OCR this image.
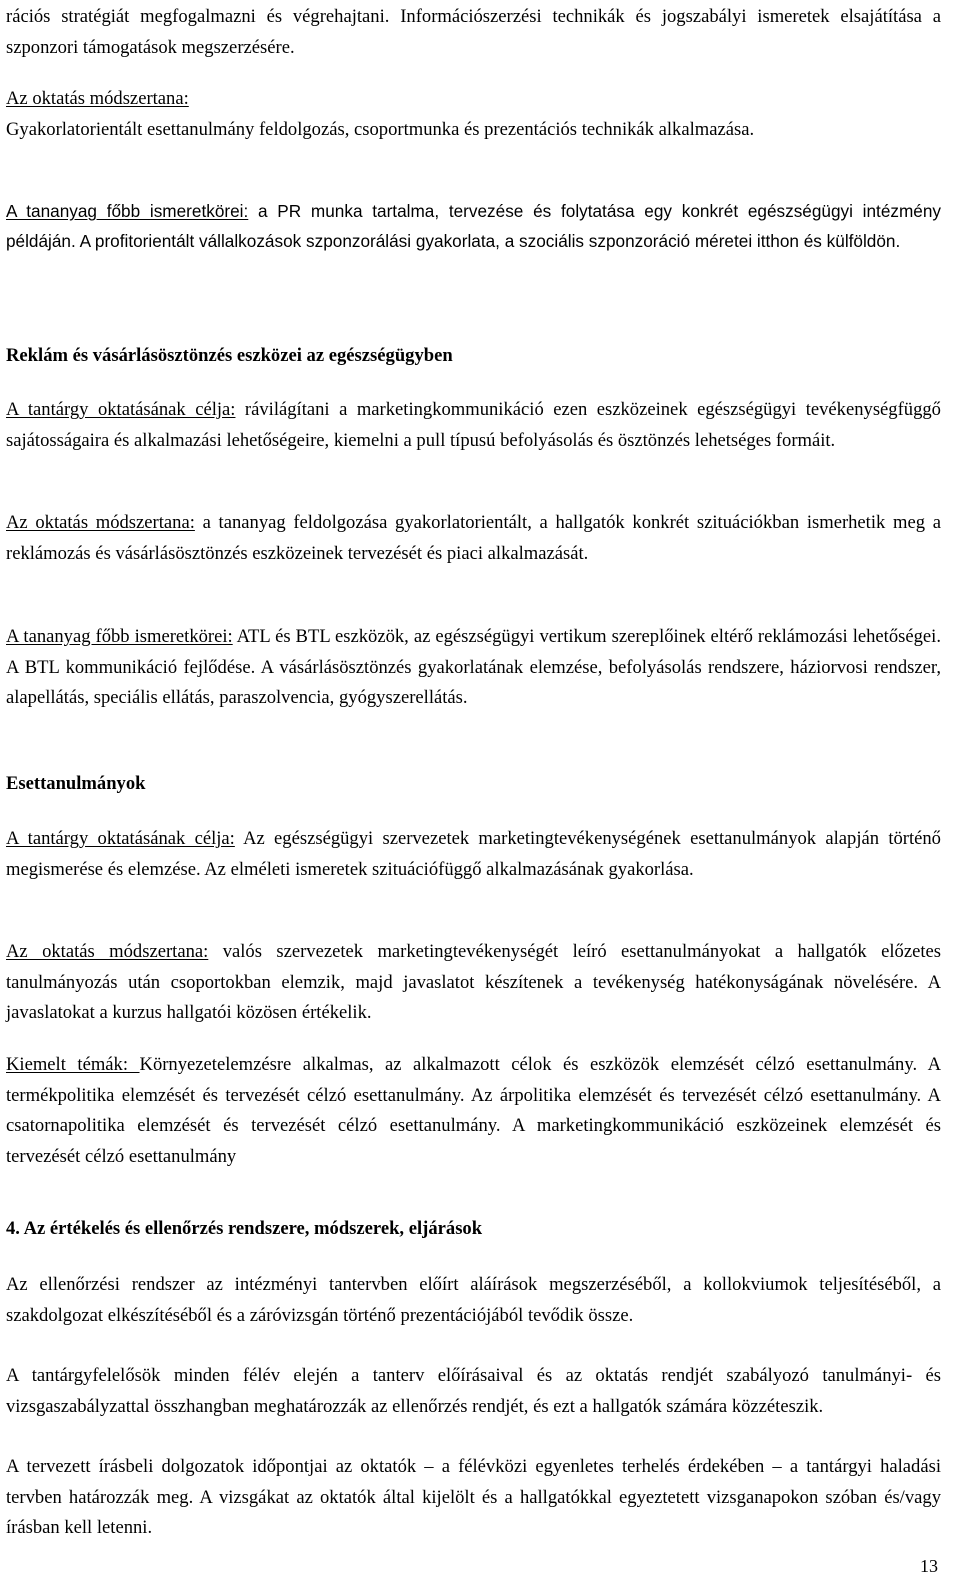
rációs stratégiát megfogalmazni és végrehajtani. Információszerzési technikák és jogszabályi ismeretek elsajátítása a szponzori támogatások megszerzésére.

Az oktatás módszertana:
Gyakorlatorientált esettanulmány feldolgozás, csoportmunka és prezentációs technikák alkalmazása.

A tananyag főbb ismeretkörei: a PR munka tartalma, tervezése és folytatása egy konkrét egészségügyi intézmény példáján. A profitorientált vállalkozások szponzorálási gyakorlata, a szociális szponzoráció méretei itthon és külföldön.

Reklám és vásárlásösztönzés eszközei az egészségügyben

A tantárgy oktatásának célja: rávilágítani a marketingkommunikáció ezen eszközeinek egészségügyi tevékenységfüggő sajátosságaira és alkalmazási lehetőségeire, kiemelni a pull típusú befolyásolás és ösztönzés lehetséges formáit.

Az oktatás módszertana: a tananyag feldolgozása gyakorlatorientált, a hallgatók konkrét szituációkban ismerhetik meg a reklámozás és vásárlásösztönzés eszközeinek tervezését és piaci alkalmazását.

A tananyag főbb ismeretkörei: ATL és BTL eszközök, az egészségügyi vertikum szereplőinek eltérő reklámozási lehetőségei. A BTL kommunikáció fejlődése. A vásárlásösztönzés gyakorlatának elemzése, befolyásolás rendszere, háziorvosi rendszer, alapellátás, speciális ellátás, paraszolvencia, gyógyszerellátás.

Esettanulmányok

A tantárgy oktatásának célja: Az egészségügyi szervezetek marketingtevékenységének esettanulmányok alapján történő megismerése és elemzése. Az elméleti ismeretek szituációfüggő alkalmazásának gyakorlása.

Az oktatás módszertana: valós szervezetek marketingtevékenységét leíró esettanulmányokat a hallgatók előzetes tanulmányozás után csoportokban elemzik, majd javaslatot készítenek a tevékenység hatékonyságának növelésére. A javaslatokat a kurzus hallgatói közösen értékelik.

Kiemelt témák: Környezetelemzésre alkalmas, az alkalmazott célok és eszközök elemzését célzó esettanulmány. A termékpolitika elemzését és tervezését célzó esettanulmány. Az árpolitika elemzését és tervezését célzó esettanulmány. A csatornapolitika elemzését és tervezését célzó esettanulmány. A marketingkommunikáció eszközeinek elemzését és tervezését célzó esettanulmány

4. Az értékelés és ellenőrzés rendszere, módszerek, eljárások

Az ellenőrzési rendszer az intézményi tantervben előírt aláírások megszerzéséből, a kollokviumok teljesítéséből, a szakdolgozat elkészítéséből és a záróvizsgán történő prezentációjából tevődik össze.

A tantárgyfelelősök minden félév elején a tanterv előírásaival és az oktatás rendjét szabályozó tanulmányi- és vizsgaszabályzattal összhangban meghatározzák az ellenőrzés rendjét, és ezt a hallgatók számára közzéteszik.

A tervezett írásbeli dolgozatok időpontjai az oktatók – a félévközi egyenletes terhelés érdekében – a tantárgyi haladási tervben határozzák meg. A vizsgákat az oktatók által kijelölt és a hallgatókkal egyeztetett vizsganapokon szóban és/vagy írásban kell letenni.

13
